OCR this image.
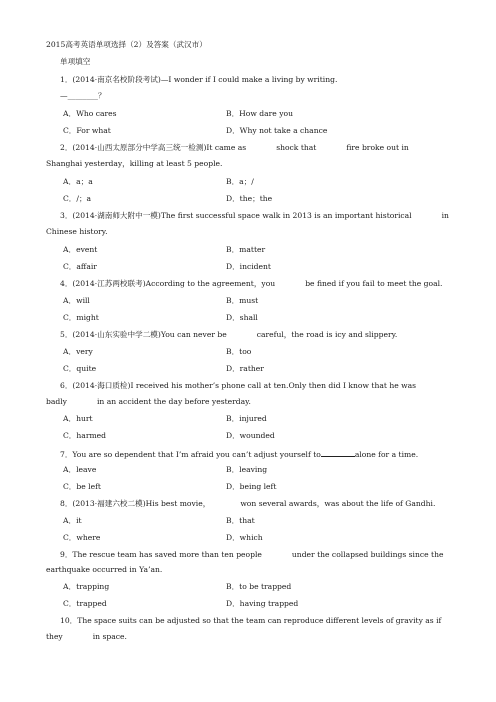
2015高考英语单项选择（2）及答案（武汉市）
单项填空
1．(2014·南京名校阶段考试)—I wonder if I could make a living by writing.
—________？
A．Who cares	B．How dare you
C．For what	D．Why not take a chance
2．(2014·山西太原部分中学高三统一检测)It came as	shock that	fire broke out in
Shanghai yesterday，killing at least 5 people.
A．a；a	B．a；/
C．/；a	D．the；the
3．(2014·湖南师大附中一模)The first successful space walk in 2013 is an important historical	in
Chinese history.
A．event	B．matter
C．affair	D．incident
4．(2014·江苏两校联考)According to the agreement，you	be fined if you fail to meet the goal.
A．will	B．must
C．might	D．shall
5．(2014·山东实验中学二模)You can never be	careful，the road is icy and slippery.
A．very	B．too
C．quite	D．rather
6．(2014·海口质检)I received his mother’s phone call at ten.Only then did I know that he was
badly	in an accident the day before yesterday.
A．hurt	B．injured
C．harmed	D．wounded
7．You are so dependent that I’m afraid you can’t adjust yourself to	alone for a time.
A．leave	B．leaving
C．be left	D．being left
8．(2013·福建六校二模)His best movie，	won several awards，was about the life of Gandhi.
A．it	B．that
C．where	D．which
9．The rescue team has saved more than ten people	under the collapsed buildings since the
earthquake occurred in Ya’an.
A．trapping	B．to be trapped
C．trapped	D．having trapped
10．The space suits can be adjusted so that the team can reproduce different levels of gravity as if
they	in space.
